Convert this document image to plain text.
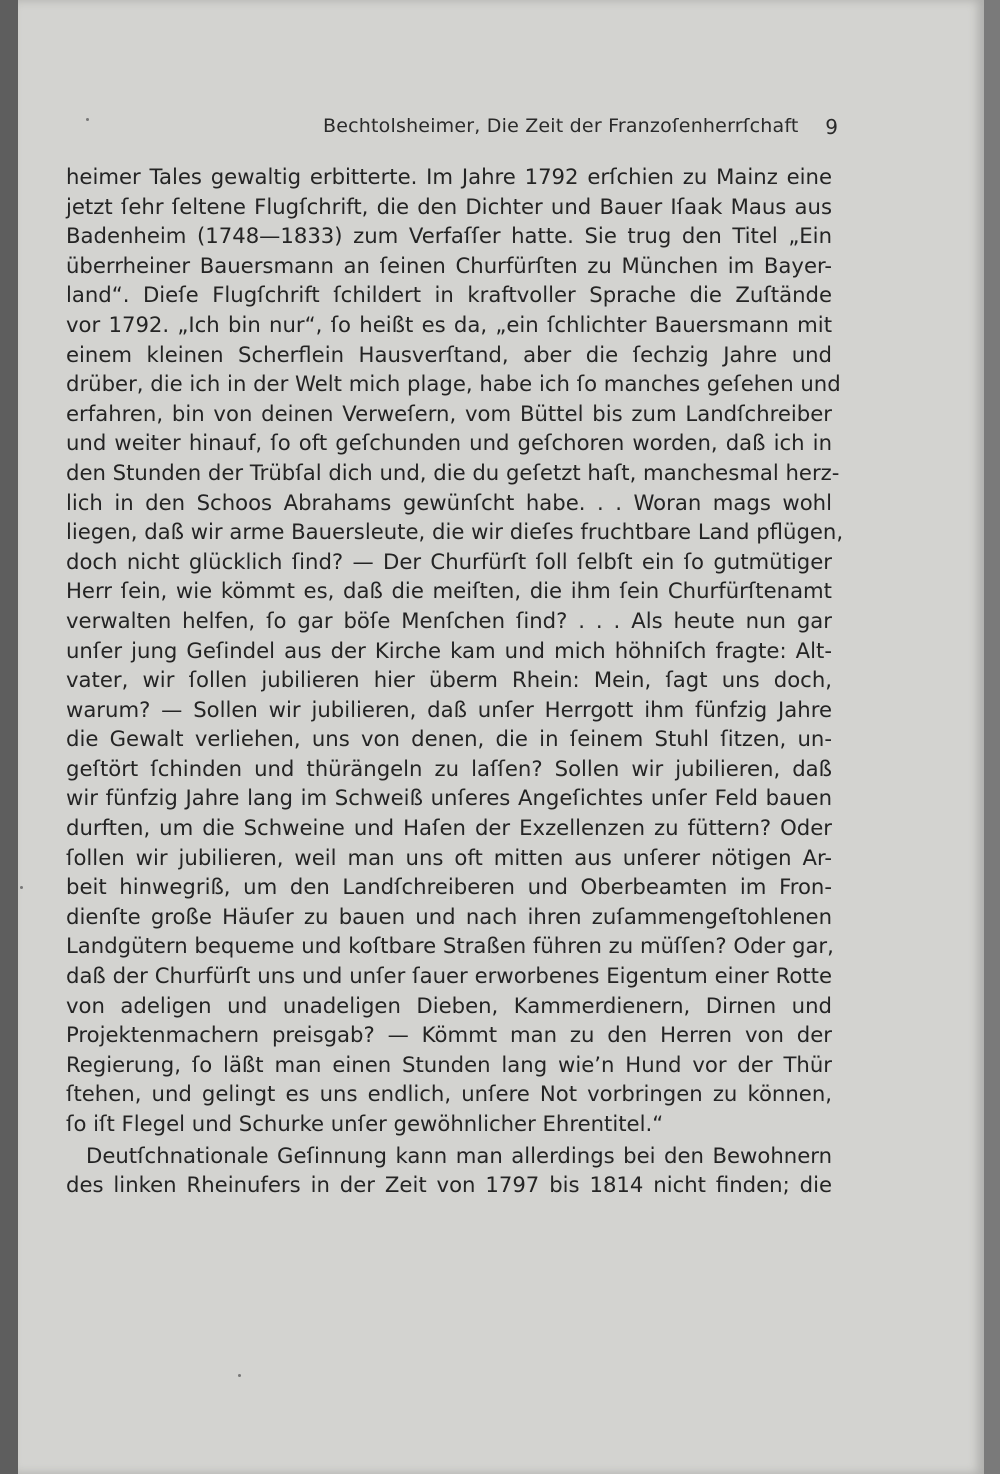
Bechtolsheimer, Die Zeit der Franzoſenherrſchaft 9
heimer Tales gewaltig erbitterte. Im Jahre 1792 erſchien zu Mainz eine
jetzt ſehr ſeltene Flugſchrift, die den Dichter und Bauer Iſaak Maus aus
Badenheim (1748—1833) zum Verfaſſer hatte. Sie trug den Titel „Ein
überrheiner Bauersmann an ſeinen Churfürſten zu München im Bayer-
land“. Dieſe Flugſchrift ſchildert in kraftvoller Sprache die Zuſtände
vor 1792. „Ich bin nur“, ſo heißt es da, „ein ſchlichter Bauersmann mit
einem kleinen Scherflein Hausverſtand, aber die ſechzig Jahre und
drüber, die ich in der Welt mich plage, habe ich ſo manches geſehen und
erfahren, bin von deinen Verweſern, vom Büttel bis zum Landſchreiber
und weiter hinauf, ſo oft geſchunden und geſchoren worden, daß ich in
den Stunden der Trübſal dich und, die du geſetzt haſt, manchesmal herz-
lich in den Schoos Abrahams gewünſcht habe. . . Woran mags wohl
liegen, daß wir arme Bauersleute, die wir dieſes fruchtbare Land pflügen,
doch nicht glücklich ſind? — Der Churfürſt ſoll ſelbſt ein ſo gutmütiger
Herr ſein, wie kömmt es, daß die meiſten, die ihm ſein Churfürſtenamt
verwalten helfen, ſo gar böſe Menſchen ſind? . . . Als heute nun gar
unſer jung Geſindel aus der Kirche kam und mich höhniſch fragte: Alt-
vater, wir ſollen jubilieren hier überm Rhein: Mein, ſagt uns doch,
warum? — Sollen wir jubilieren, daß unſer Herrgott ihm fünfzig Jahre
die Gewalt verliehen, uns von denen, die in ſeinem Stuhl ſitzen, un-
geſtört ſchinden und thürängeln zu laſſen? Sollen wir jubilieren, daß
wir fünfzig Jahre lang im Schweiß unſeres Angeſichtes unſer Feld bauen
durften, um die Schweine und Haſen der Exzellenzen zu füttern? Oder
ſollen wir jubilieren, weil man uns oft mitten aus unſerer nötigen Ar-
beit hinwegriß, um den Landſchreiberen und Oberbeamten im Fron-
dienſte große Häuſer zu bauen und nach ihren zuſammengeſtohlenen
Landgütern bequeme und koſtbare Straßen führen zu müſſen? Oder gar,
daß der Churfürſt uns und unſer ſauer erworbenes Eigentum einer Rotte
von adeligen und unadeligen Dieben, Kammerdienern, Dirnen und
Projektenmachern preisgab? — Kömmt man zu den Herren von der
Regierung, ſo läßt man einen Stunden lang wie’n Hund vor der Thür
ſtehen, und gelingt es uns endlich, unſere Not vorbringen zu können,
ſo iſt Flegel und Schurke unſer gewöhnlicher Ehrentitel.“
Deutſchnationale Geſinnung kann man allerdings bei den Bewohnern
des linken Rheinufers in der Zeit von 1797 bis 1814 nicht finden; die
